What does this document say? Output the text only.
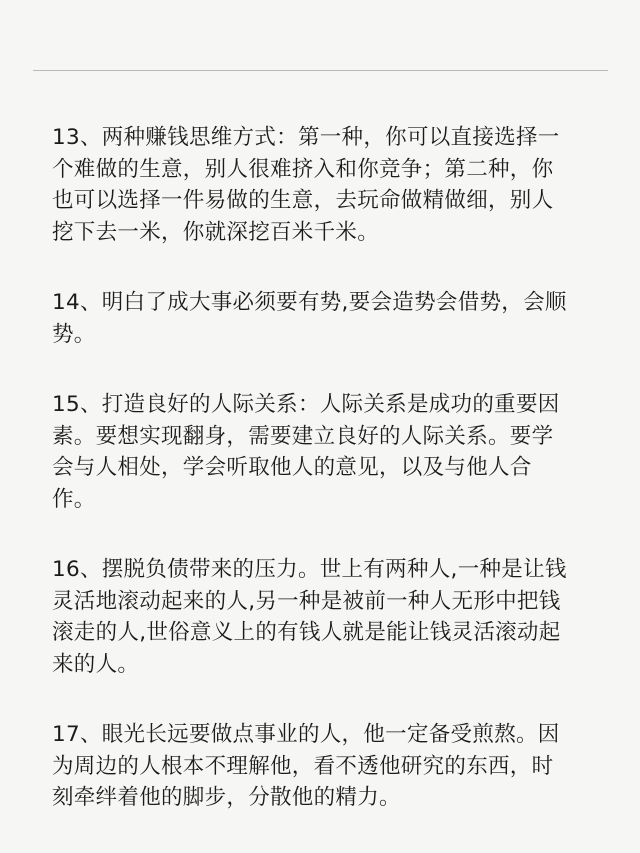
13、两种赚钱思维方式：第一种，你可以直接选择一
个难做的生意，别人很难挤入和你竞争；第二种，你
也可以选择一件易做的生意，去玩命做精做细，别人
挖下去一米，你就深挖百米千米。

14、明白了成大事必须要有势,要会造势会借势，会顺
势。

15、打造良好的人际关系：人际关系是成功的重要因
素。要想实现翻身，需要建立良好的人际关系。要学
会与人相处，学会听取他人的意见，以及与他人合
作。

16、摆脱负债带来的压力。世上有两种人,一种是让钱
灵活地滚动起来的人,另一种是被前一种人无形中把钱
滚走的人,世俗意义上的有钱人就是能让钱灵活滚动起
来的人。

17、眼光长远要做点事业的人，他一定备受煎熬。因
为周边的人根本不理解他，看不透他研究的东西，时
刻牵绊着他的脚步，分散他的精力。
